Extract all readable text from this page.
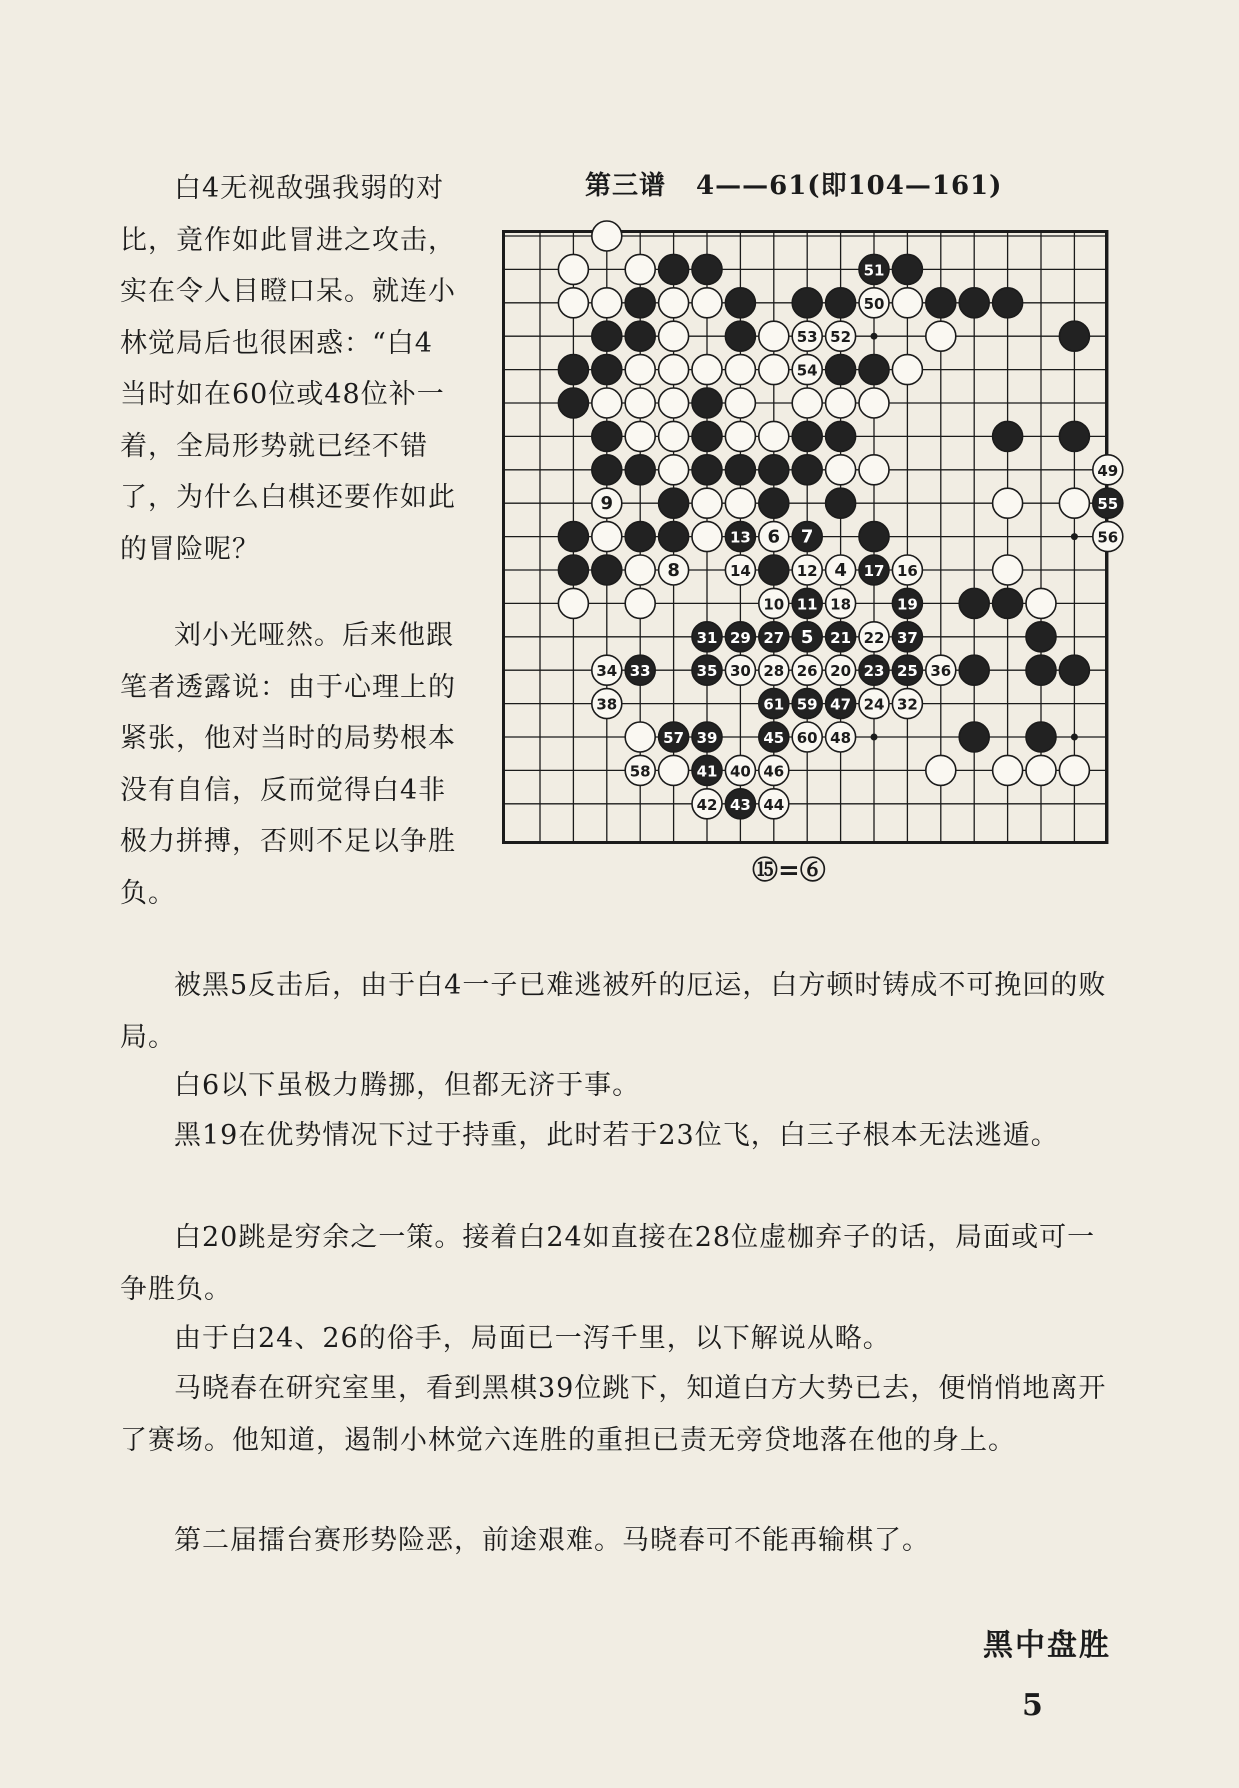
白4无视敌强我弱的对比，竟作如此冒进之攻击，实在令人目瞪口呆。就连小林觉局后也很困惑：“白4当时如在60位或48位补一着，全局形势就已经不错了，为什么白棋还要作如此的冒险呢？

刘小光哑然。后来他跟笔者透露说：由于心理上的紧张，他对当时的局势根本没有自信，反而觉得白4非极力拼搏，否则不足以争胜负。

第三谱 4——61(即104—161)
51
50
53 52
54
49
9	55
13 6 7	56
8	14	12 4 17 16
10 11 18	19
31 29 27 5 21 22 37
34 33	35 30 28 26 20 23 25 36
38	61 59 47 24 32
57 39	45 60 48
58	41 40 46
42 43 44
⑮=⑥

被黑5反击后，由于白4一子已难逃被歼的厄运，白方顿时铸成不可挽回的败局。

白6以下虽极力腾挪，但都无济于事。

黑19在优势情况下过于持重，此时若于23位飞，白三子根本无法逃遁。

白20跳是穷余之一策。接着白24如直接在28位虚枷弃子的话，局面或可一争胜负。

由于白24、26的俗手，局面已一泻千里，以下解说从略。

马晓春在研究室里，看到黑棋39位跳下，知道白方大势已去，便悄悄地离开了赛场。他知道，遏制小林觉六连胜的重担已责无旁贷地落在他的身上。

第二届擂台赛形势险恶，前途艰难。马晓春可不能再输棋了。

黑中盘胜
5
